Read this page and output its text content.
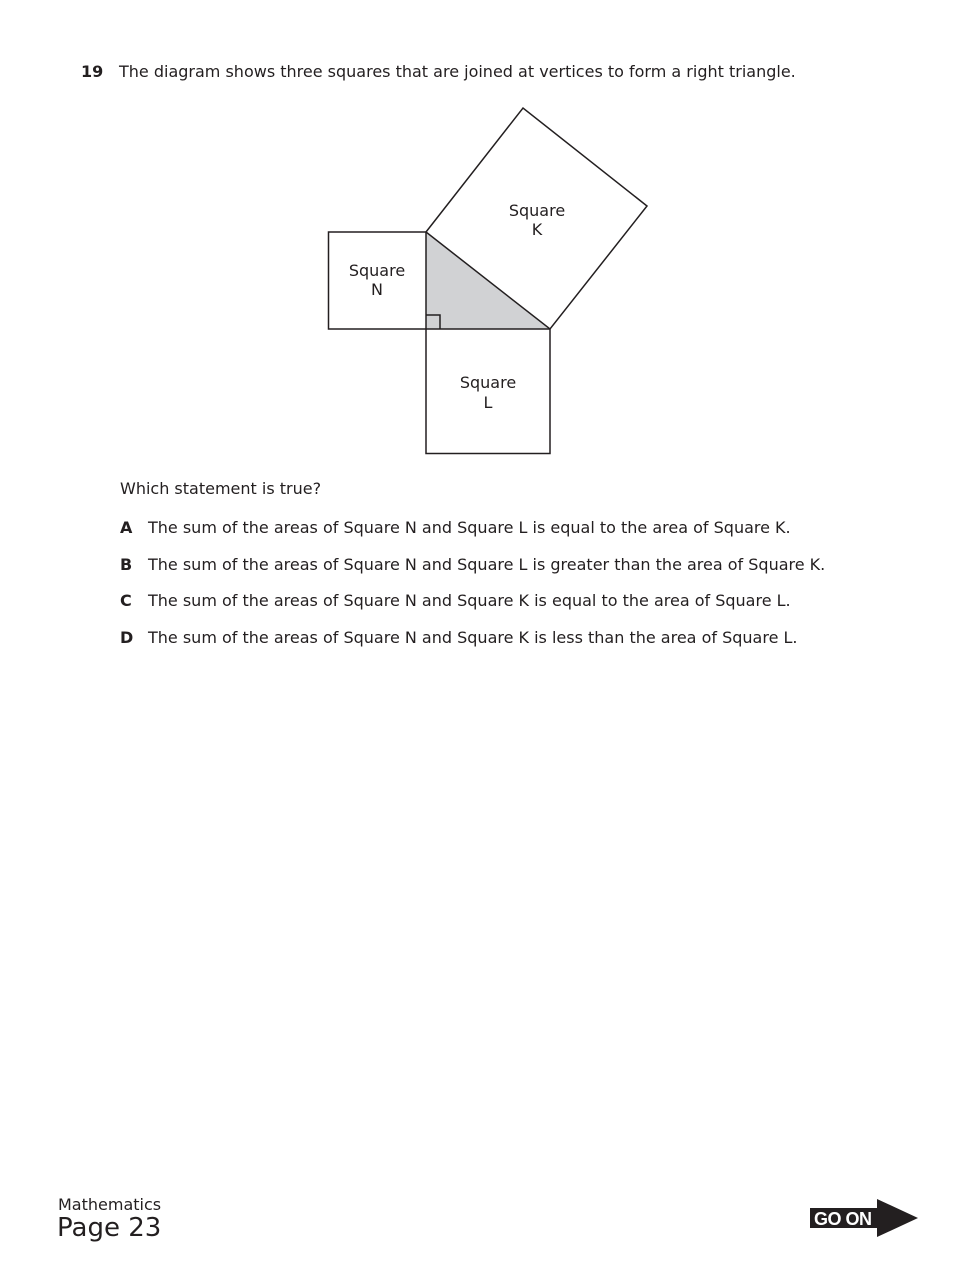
19 The diagram shows three squares that are joined at vertices to form a right triangle.
Square
N
Square
K
Square
L
Which statement is true?
A The sum of the areas of Square N and Square L is equal to the area of Square K.
B The sum of the areas of Square N and Square L is greater than the area of Square K.
C	The sum of the areas of Square N and Square K is equal to the area of Square L.
D The sum of the areas of Square N and Square K is less than the area of Square L.
Mathematics
Page 23	GO ON
